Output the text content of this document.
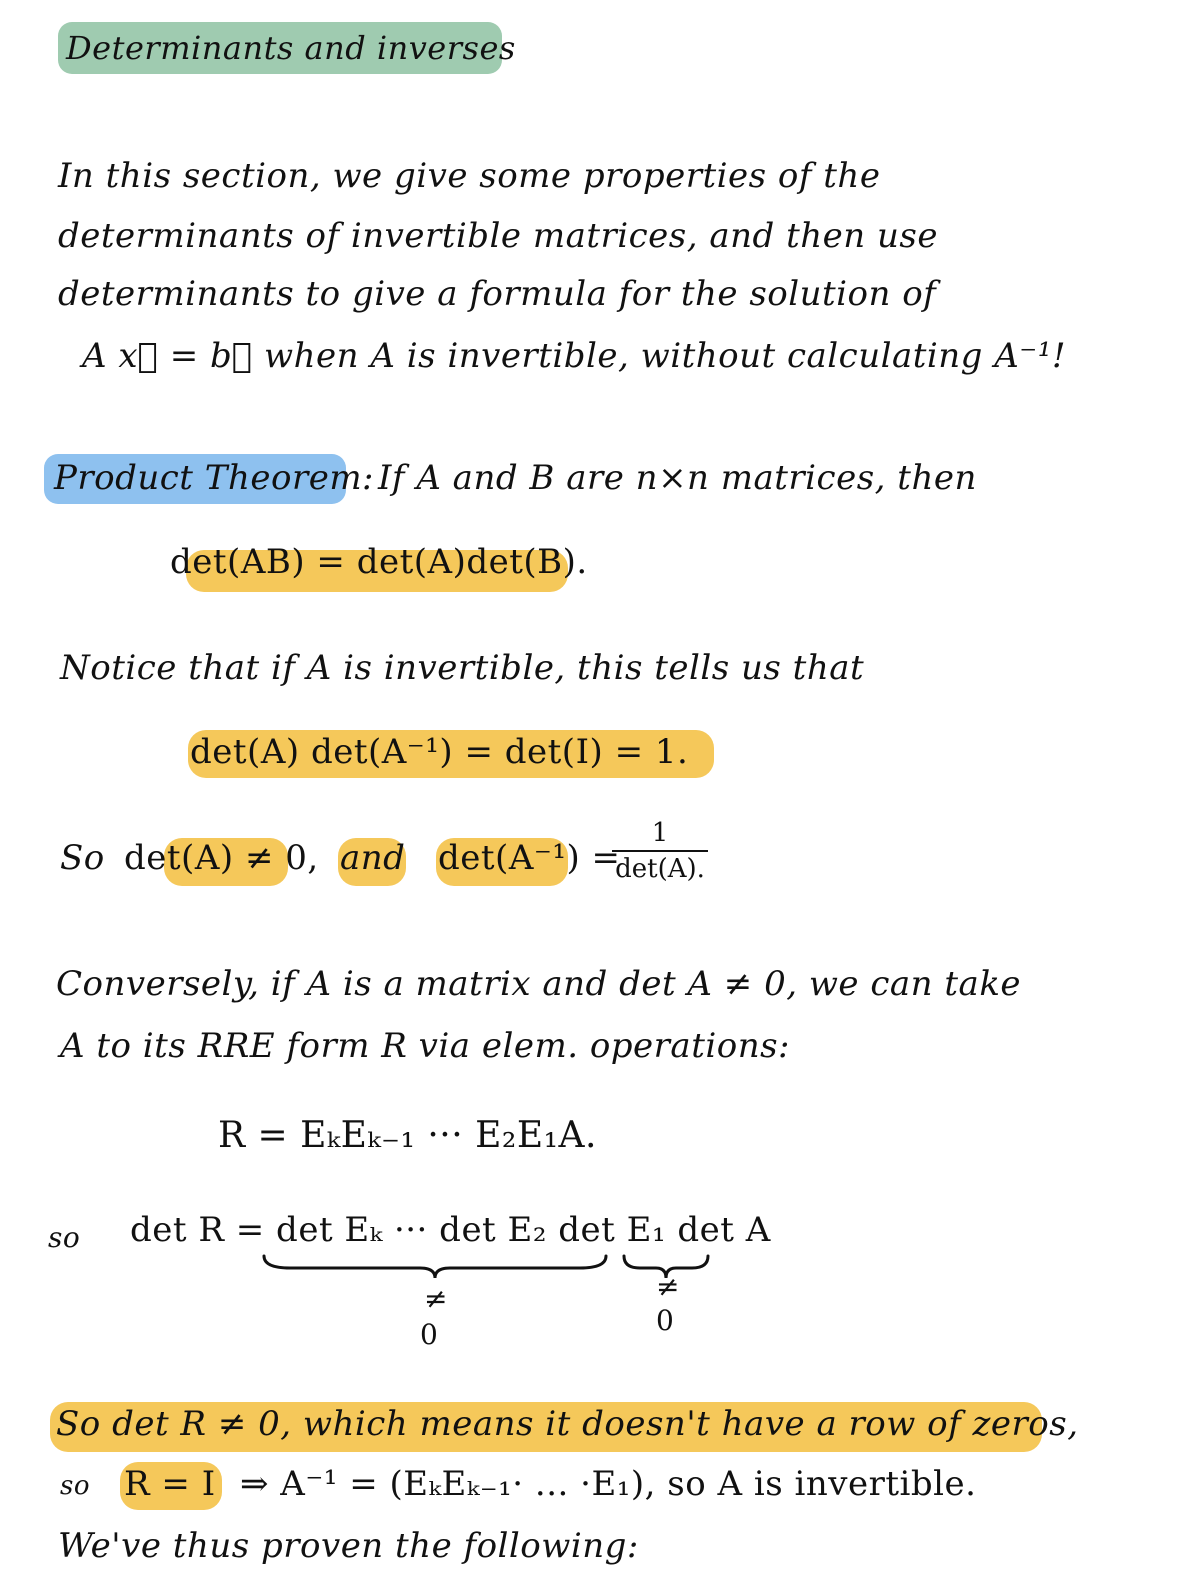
Determinants and inverses
In this section, we give some properties of the
determinants of invertible matrices, and then use
determinants to give a formula for the solution of
A x⃗ = b⃗ when A is invertible, without calculating A⁻¹!
Product Theorem: If A and B are n×n matrices, then
det(AB) = det(A)det(B).
Notice that if A is invertible, this tells us that
det(A) det(A⁻¹) = det(I) = 1.
So det(A) ≠ 0, and det(A⁻¹) =
1
det(A).
Conversely, if A is a matrix and det A ≠ 0, we can take
A to its RRE form R via elem. operations:
R = EₖEₖ₋₁ ··· E₂E₁A.
so det R = det Eₖ ··· det E₂ det E₁ det A
≠
0
≠
0
So det R ≠ 0, which means it doesn't have a row of zeros,
so R = I ⇒ A⁻¹ = (EₖEₖ₋₁· ... ·E₁), so A is invertible.
We've thus proven the following:
